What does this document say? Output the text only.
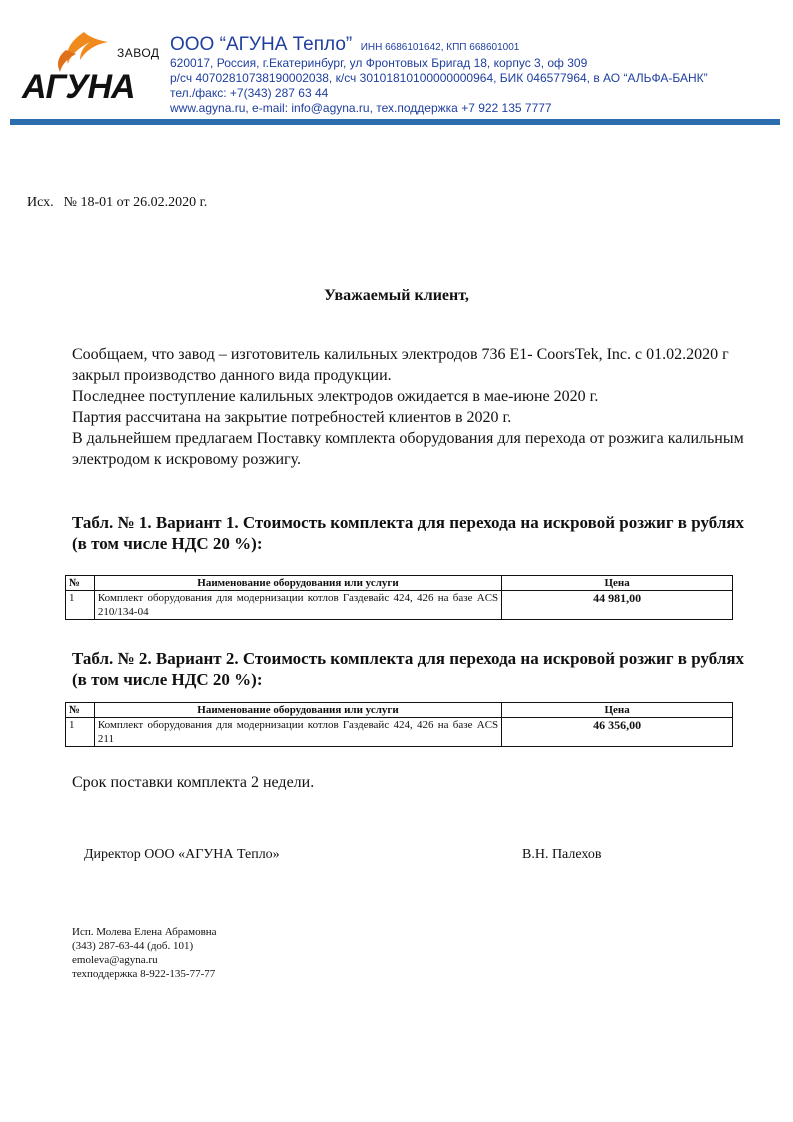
ЗАВОД
АГУНА
ООО “АГУНА Тепло” ИНН 6686101642, КПП 668601001
620017, Россия, г.Екатеринбург, ул Фронтовых Бригад 18, корпус 3, оф 309
р/сч 40702810738190002038, к/сч 30101810100000000964, БИК 046577964, в АО “АЛЬФА-БАНК”
тел./факс: +7(343) 287 63 44
www.agyna.ru, e-mail: info@agyna.ru, тех.поддержка +7 922 135 7777
Исх. № 18-01 от 26.02.2020 г.
Уважаемый клиент,

Сообщаем, что завод – изготовитель калильных электродов 736 E1- CoorsTek, Inc. с 01.02.2020 г закрыл производство данного вида продукции.

Последнее поступление калильных электродов ожидается в мае-июне 2020 г.

Партия рассчитана на закрытие потребностей клиентов в 2020 г.

В дальнейшем предлагаем Поставку комплекта оборудования для перехода от розжига калильным электродом к искровому розжигу.

Табл. № 1. Вариант 1. Стоимость комплекта для перехода на искровой розжиг в рублях (в том числе НДС 20 %):
№	Наименование оборудования или услуги	Цена
1	Комплект оборудования для модернизации котлов Газдевайс 424, 426 на базе ACS 210/134-04	44 981,00
Табл. № 2. Вариант 2. Стоимость комплекта для перехода на искровой розжиг в рублях (в том числе НДС 20 %):
№	Наименование оборудования или услуги	Цена
1	Комплект оборудования для модернизации котлов Газдевайс 424, 426 на базе ACS 211	46 356,00
Срок поставки комплекта 2 недели.
Директор ООО «АГУНА Тепло»	В.Н. Палехов
Исп. Молева Елена Абрамовна
(343) 287-63-44 (доб. 101)
emoleva@agyna.ru
техподдержка 8-922-135-77-77
